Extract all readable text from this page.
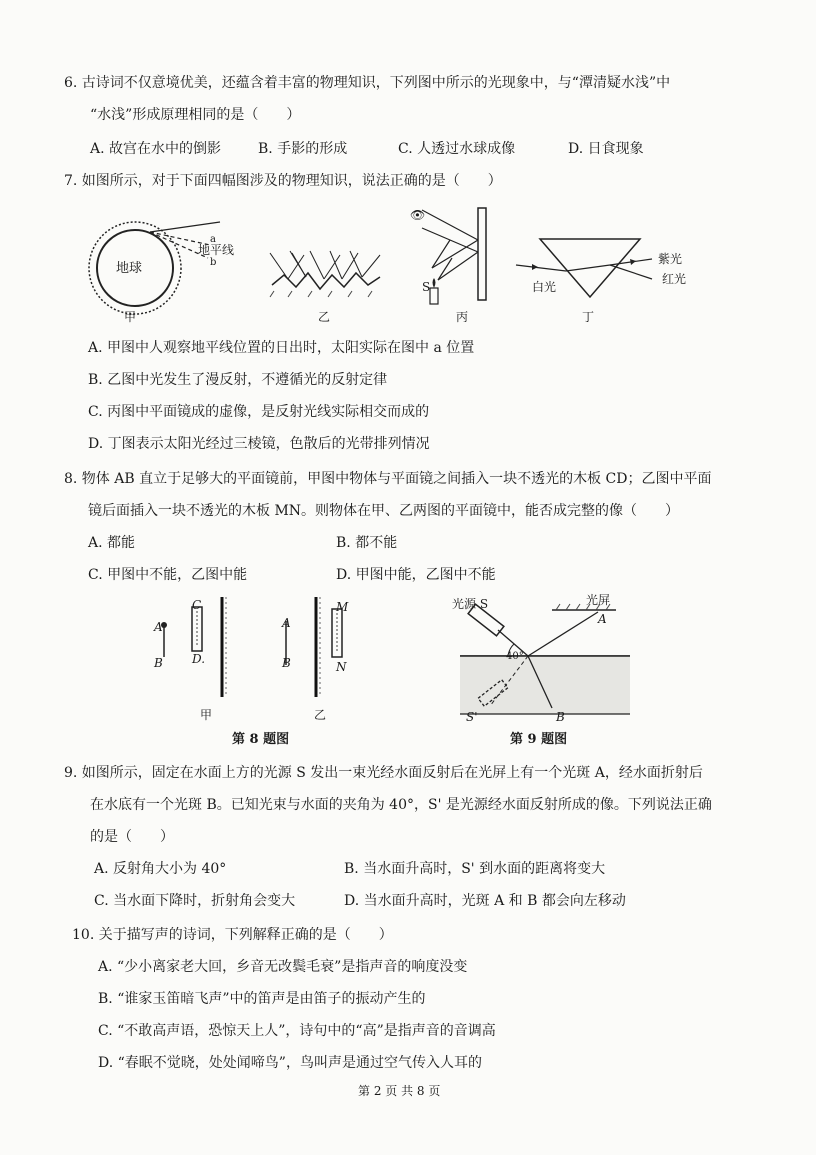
6. 古诗词不仅意境优美，还蕴含着丰富的物理知识，下列图中所示的光现象中，与“潭清疑水浅”中
“水浅”形成原理相同的是（　　）
A. 故宫在水中的倒影	B. 手影的形成	C. 人透过水球成像	D. 日食现象
7. 如图所示，对于下面四幅图涉及的物理知识，说法正确的是（　　）
地球
地平线
a
b
甲	乙
👁
S
丙
白光
紫光
红光
丁
A. 甲图中人观察地平线位置的日出时，太阳实际在图中 a 位置
B. 乙图中光发生了漫反射，不遵循光的反射定律
C. 丙图中平面镜成的虚像，是反射光线实际相交而成的
D. 丁图表示太阳光经过三棱镜，色散后的光带排列情况
8. 物体 AB 直立于足够大的平面镜前，甲图中物体与平面镜之间插入一块不透光的木板 CD；乙图中平面
镜后面插入一块不透光的木板 MN。则物体在甲、乙两图的平面镜中，能否成完整的像（　　）
A. 都能	B. 都不能
C. 甲图中不能，乙图中能	D. 甲图中能，乙图中不能
A
B
C
D.
A
B
M
N
甲	乙
第 8 题图
光源 S	光屏
A
40°
S'	B
第 9 题图
9. 如图所示，固定在水面上方的光源 S 发出一束光经水面反射后在光屏上有一个光斑 A，经水面折射后
在水底有一个光斑 B。已知光束与水面的夹角为 40°，S' 是光源经水面反射所成的像。下列说法正确
的是（　　）
A. 反射角大小为 40°	B. 当水面升高时，S' 到水面的距离将变大
C. 当水面下降时，折射角会变大	D. 当水面升高时，光斑 A 和 B 都会向左移动
10. 关于描写声的诗词，下列解释正确的是（　　）
A. “少小离家老大回，乡音无改鬓毛衰”是指声音的响度没变
B. “谁家玉笛暗飞声”中的笛声是由笛子的振动产生的
C. “不敢高声语，恐惊天上人”，诗句中的“高”是指声音的音调高
D. “春眠不觉晓，处处闻啼鸟”，鸟叫声是通过空气传入人耳的
第 2 页 共 8 页
